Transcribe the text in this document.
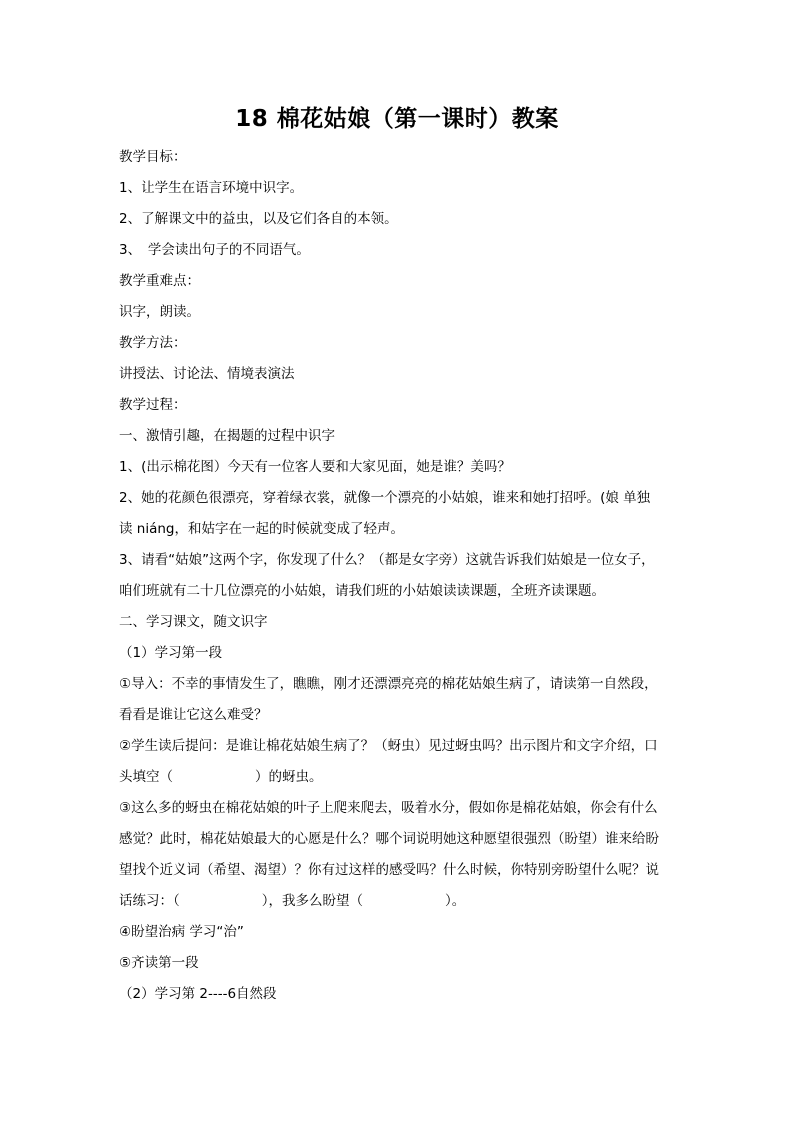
18 棉花姑娘（第一课时）教案
教学目标：
1、让学生在语言环境中识字。
2、了解课文中的益虫，以及它们各自的本领。
3、　学会读出句子的不同语气。
教学重难点：
识字，朗读。
教学方法：
讲授法、讨论法、情境表演法
教学过程：
一、激情引趣，在揭题的过程中识字
1、(出示棉花图）今天有一位客人要和大家见面，她是谁？美吗？
2、她的花颜色很漂亮，穿着绿衣裳，就像一个漂亮的小姑娘，谁来和她打招呼。(娘 单独
读 niáng，和姑字在一起的时候就变成了轻声。
3、请看“姑娘”这两个字，你发现了什么？（都是女字旁）这就告诉我们姑娘是一位女子，
咱们班就有二十几位漂亮的小姑娘，请我们班的小姑娘读读课题，全班齐读课题。
二、学习课文，随文识字
（1）学习第一段
①导入：不幸的事情发生了，瞧瞧，刚才还漂漂亮亮的棉花姑娘生病了，请读第一自然段，
看看是谁让它这么难受？
②学生读后提问：是谁让棉花姑娘生病了？（蚜虫）见过蚜虫吗？出示图片和文字介绍，口
头填空（	）的蚜虫。
③这么多的蚜虫在棉花姑娘的叶子上爬来爬去，吸着水分，假如你是棉花姑娘，你会有什么
感觉？此时，棉花姑娘最大的心愿是什么？哪个词说明她这种愿望很强烈（盼望）谁来给盼
望找个近义词（希望、渴望）？你有过这样的感受吗？什么时候，你特别旁盼望什么呢？说
话练习：（	），我多么盼望（	）。
④盼望治病 学习“治”
⑤齐读第一段
（2）学习第 2----6自然段
